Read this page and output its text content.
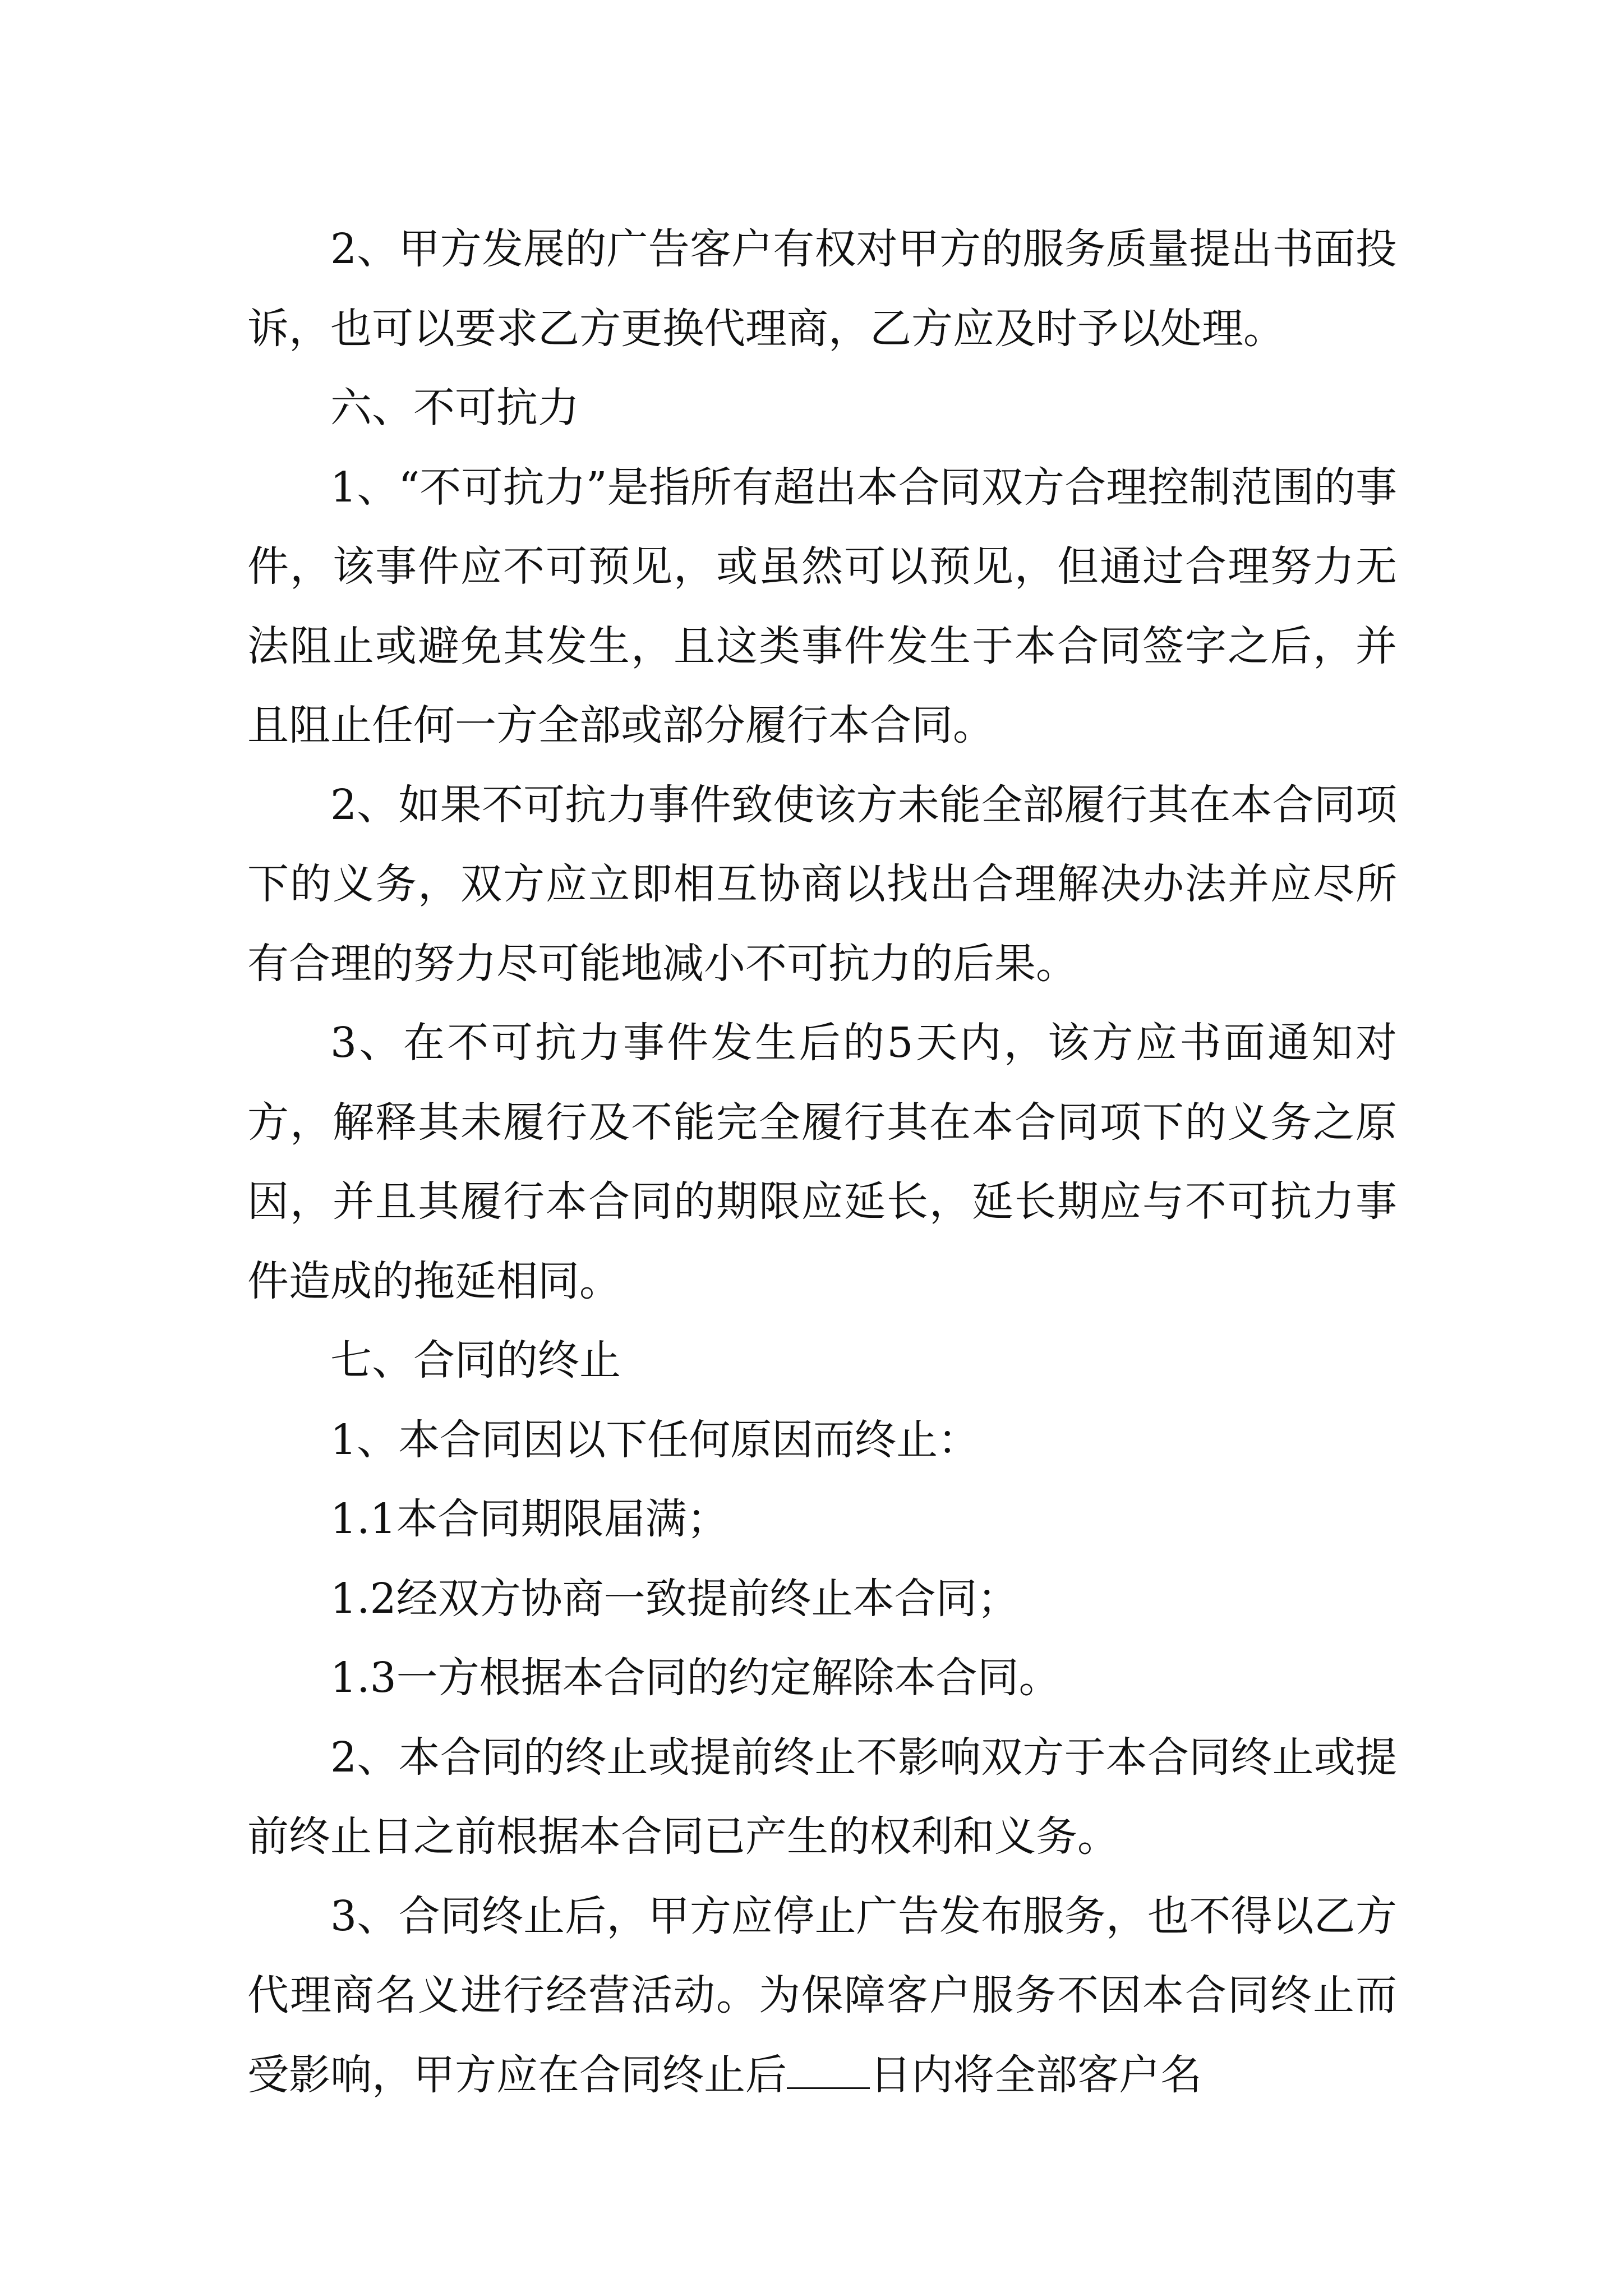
2、甲方发展的广告客户有权对甲方的服务质量提出书面投诉，也可以要求乙方更换代理商，乙方应及时予以处理。

六、不可抗力

1、“不可抗力”是指所有超出本合同双方合理控制范围的事件，该事件应不可预见，或虽然可以预见，但通过合理努力无法阻止或避免其发生，且这类事件发生于本合同签字之后，并且阻止任何一方全部或部分履行本合同。

2、如果不可抗力事件致使该方未能全部履行其在本合同项下的义务，双方应立即相互协商以找出合理解决办法并应尽所有合理的努力尽可能地减小不可抗力的后果。

3、在不可抗力事件发生后的5天内，该方应书面通知对方，解释其未履行及不能完全履行其在本合同项下的义务之原因，并且其履行本合同的期限应延长，延长期应与不可抗力事件造成的拖延相同。

七、合同的终止

1、本合同因以下任何原因而终止：

1.1本合同期限届满；

1.2经双方协商一致提前终止本合同；

1.3一方根据本合同的约定解除本合同。

2、本合同的终止或提前终止不影响双方于本合同终止或提前终止日之前根据本合同已产生的权利和义务。

3、合同终止后，甲方应停止广告发布服务，也不得以乙方代理商名义进行经营活动。为保障客户服务不因本合同终止而受影响，甲方应在合同终止后 日内将全部客户名
